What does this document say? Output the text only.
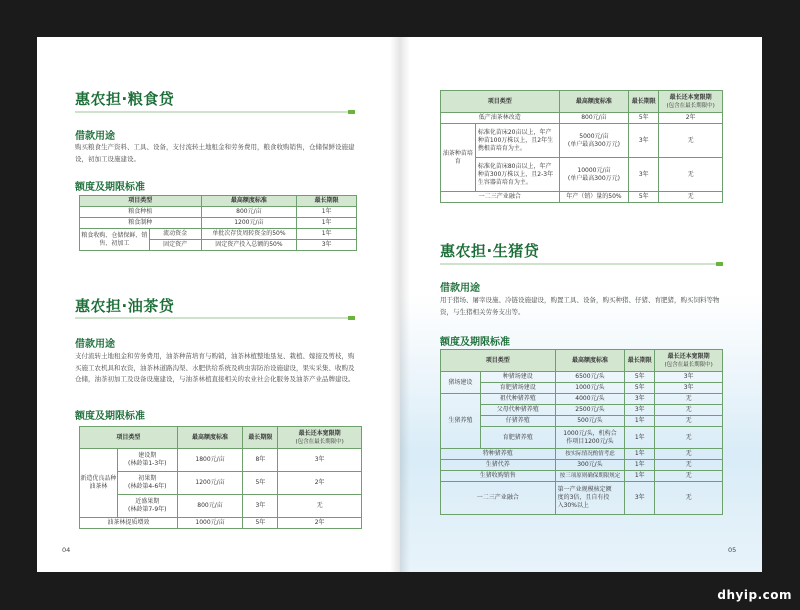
惠农担·粮食贷
借款用途

购买粮食生产资料、工具、设备，支付流转土地租金和劳务费用，粮食收购销售，仓储保鲜设施建设，初加工设施建设。

额度及期限标准
项目类型		最高额度标准	最长期限
粮食种植		800元/亩	1年
粮食制种		1200元/亩	1年
粮食收购、仓储保鲜、销售、初加工	流动资金	单批次存货周转资金的50%	1年
	固定资产	固定资产投入总额的50%	3年
惠农担·油茶贷
借款用途

支付流转土地租金和劳务费用，油茶种苗培育与购销，油茶林植整地垦复、栽植、嫁接及剪枝，购买施工农机具和农资，油茶林道路沟渠、水肥供给系统及病虫害防治设施建设，果实采集、收购及仓储，油茶初加工及设备设施建设，与油茶林植直接相关的农业社会化服务及油茶产业品牌建设。

额度及期限标准
项目类型		最高额度标准	最长期限	最长还本宽限期
(包含在最长期限中)

新造优良品种油茶林	建设期
(林龄第1-3年)	1800元/亩	8年	3年

	初果期
(林龄第4-6年)	1200元/亩	5年	2年

	近盛果期
(林龄第7-9年)	800元/亩	3年	无
油茶林提质增效		1000元/亩	5年	2年
04
项目类型		最高额度标准	最长期限	最长还本宽限期
(包含在最长期限中)

低产油茶林改造		800元/亩	5年	2年
油茶种苗培育	标准化苗床20亩以上，年产种苗100万株以上，且2年生携根苗培育为主。	5000元/亩
(单户最高300万元)	3年	无
	标准化苗床80亩以上，年产种苗300万株以上，且2-3年生容器苗培育为主。	10000元/亩
(单户最高300万元)	3年	无
一二三产业融合		年产（销）量的50%	5年	无
惠农担·生猪贷
借款用途

用于猪场、屠宰设施、冷链设施建设，购置工具、设备，购买种猪、仔猪、育肥猪，购买饲料等物资，与生猪相关劳务支出等。

额度及期限标准
项目类型		最高额度标准	最长期限	最长还本宽限期
(包含在最长期限中)

猪场建设	种猪场建设	6500元/头	5年	3年
	育肥猪场建设	1000元/头	5年	3年
生猪养殖	祖代种猪养殖	4000元/头	3年	无
	父母代种猪养殖	2500元/头	3年	无
	仔猪养殖	500元/头	1年	无
	育肥猪养殖	1000元/头，机构合
作项目1200元/头	1年	无
特种猪养殖		按实际情况酌情考虑	1年	无
生猪代养		300元/头	1年	无
生猪收购销售		按三项原则确保期限规定	1年	无
一二三产业融合		第一产业规模核定额
度的3倍，且自有投
入30%以上	3年	无
05
dhyip.com
